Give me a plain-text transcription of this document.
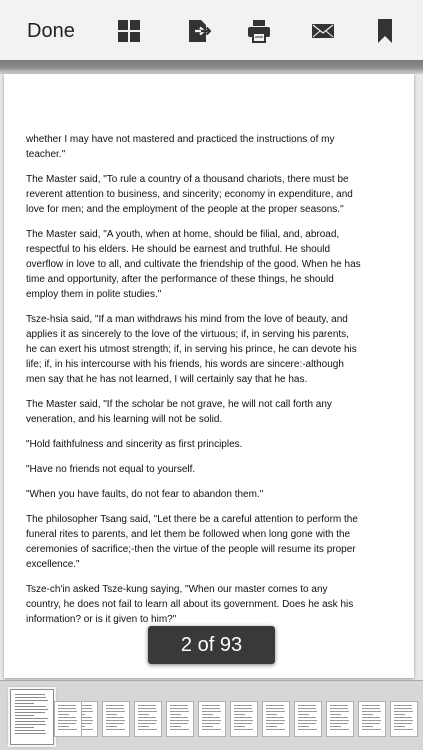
Done

whether I may have not mastered and practiced the instructions of my teacher."

The Master said, "To rule a country of a thousand chariots, there must be reverent attention to business, and sincerity; economy in expenditure, and love for men; and the employment of the people at the proper seasons."

The Master said, "A youth, when at home, should be filial, and, abroad, respectful to his elders. He should be earnest and truthful. He should overflow in love to all, and cultivate the friendship of the good. When he has time and opportunity, after the performance of these things, he should employ them in polite studies."

Tsze-hsia said, "If a man withdraws his mind from the love of beauty, and applies it as sincerely to the love of the virtuous; if, in serving his parents, he can exert his utmost strength; if, in serving his prince, he can devote his life; if, in his intercourse with his friends, his words are sincere:-although men say that he has not learned, I will certainly say that he has.

The Master said, "If the scholar be not grave, he will not call forth any veneration, and his learning will not be solid.

"Hold faithfulness and sincerity as first principles.

"Have no friends not equal to yourself.

"When you have faults, do not fear to abandon them."

The philosopher Tsang said, "Let there be a careful attention to perform the funeral rites to parents, and let them be followed when long gone with the ceremonies of sacrifice;-then the virtue of the people will resume its proper excellence."

Tsze-ch'in asked Tsze-kung saying, "When our master comes to any country, he does not fail to learn all about its government. Does he ask his information? or is it given to him?"

2 of 93
